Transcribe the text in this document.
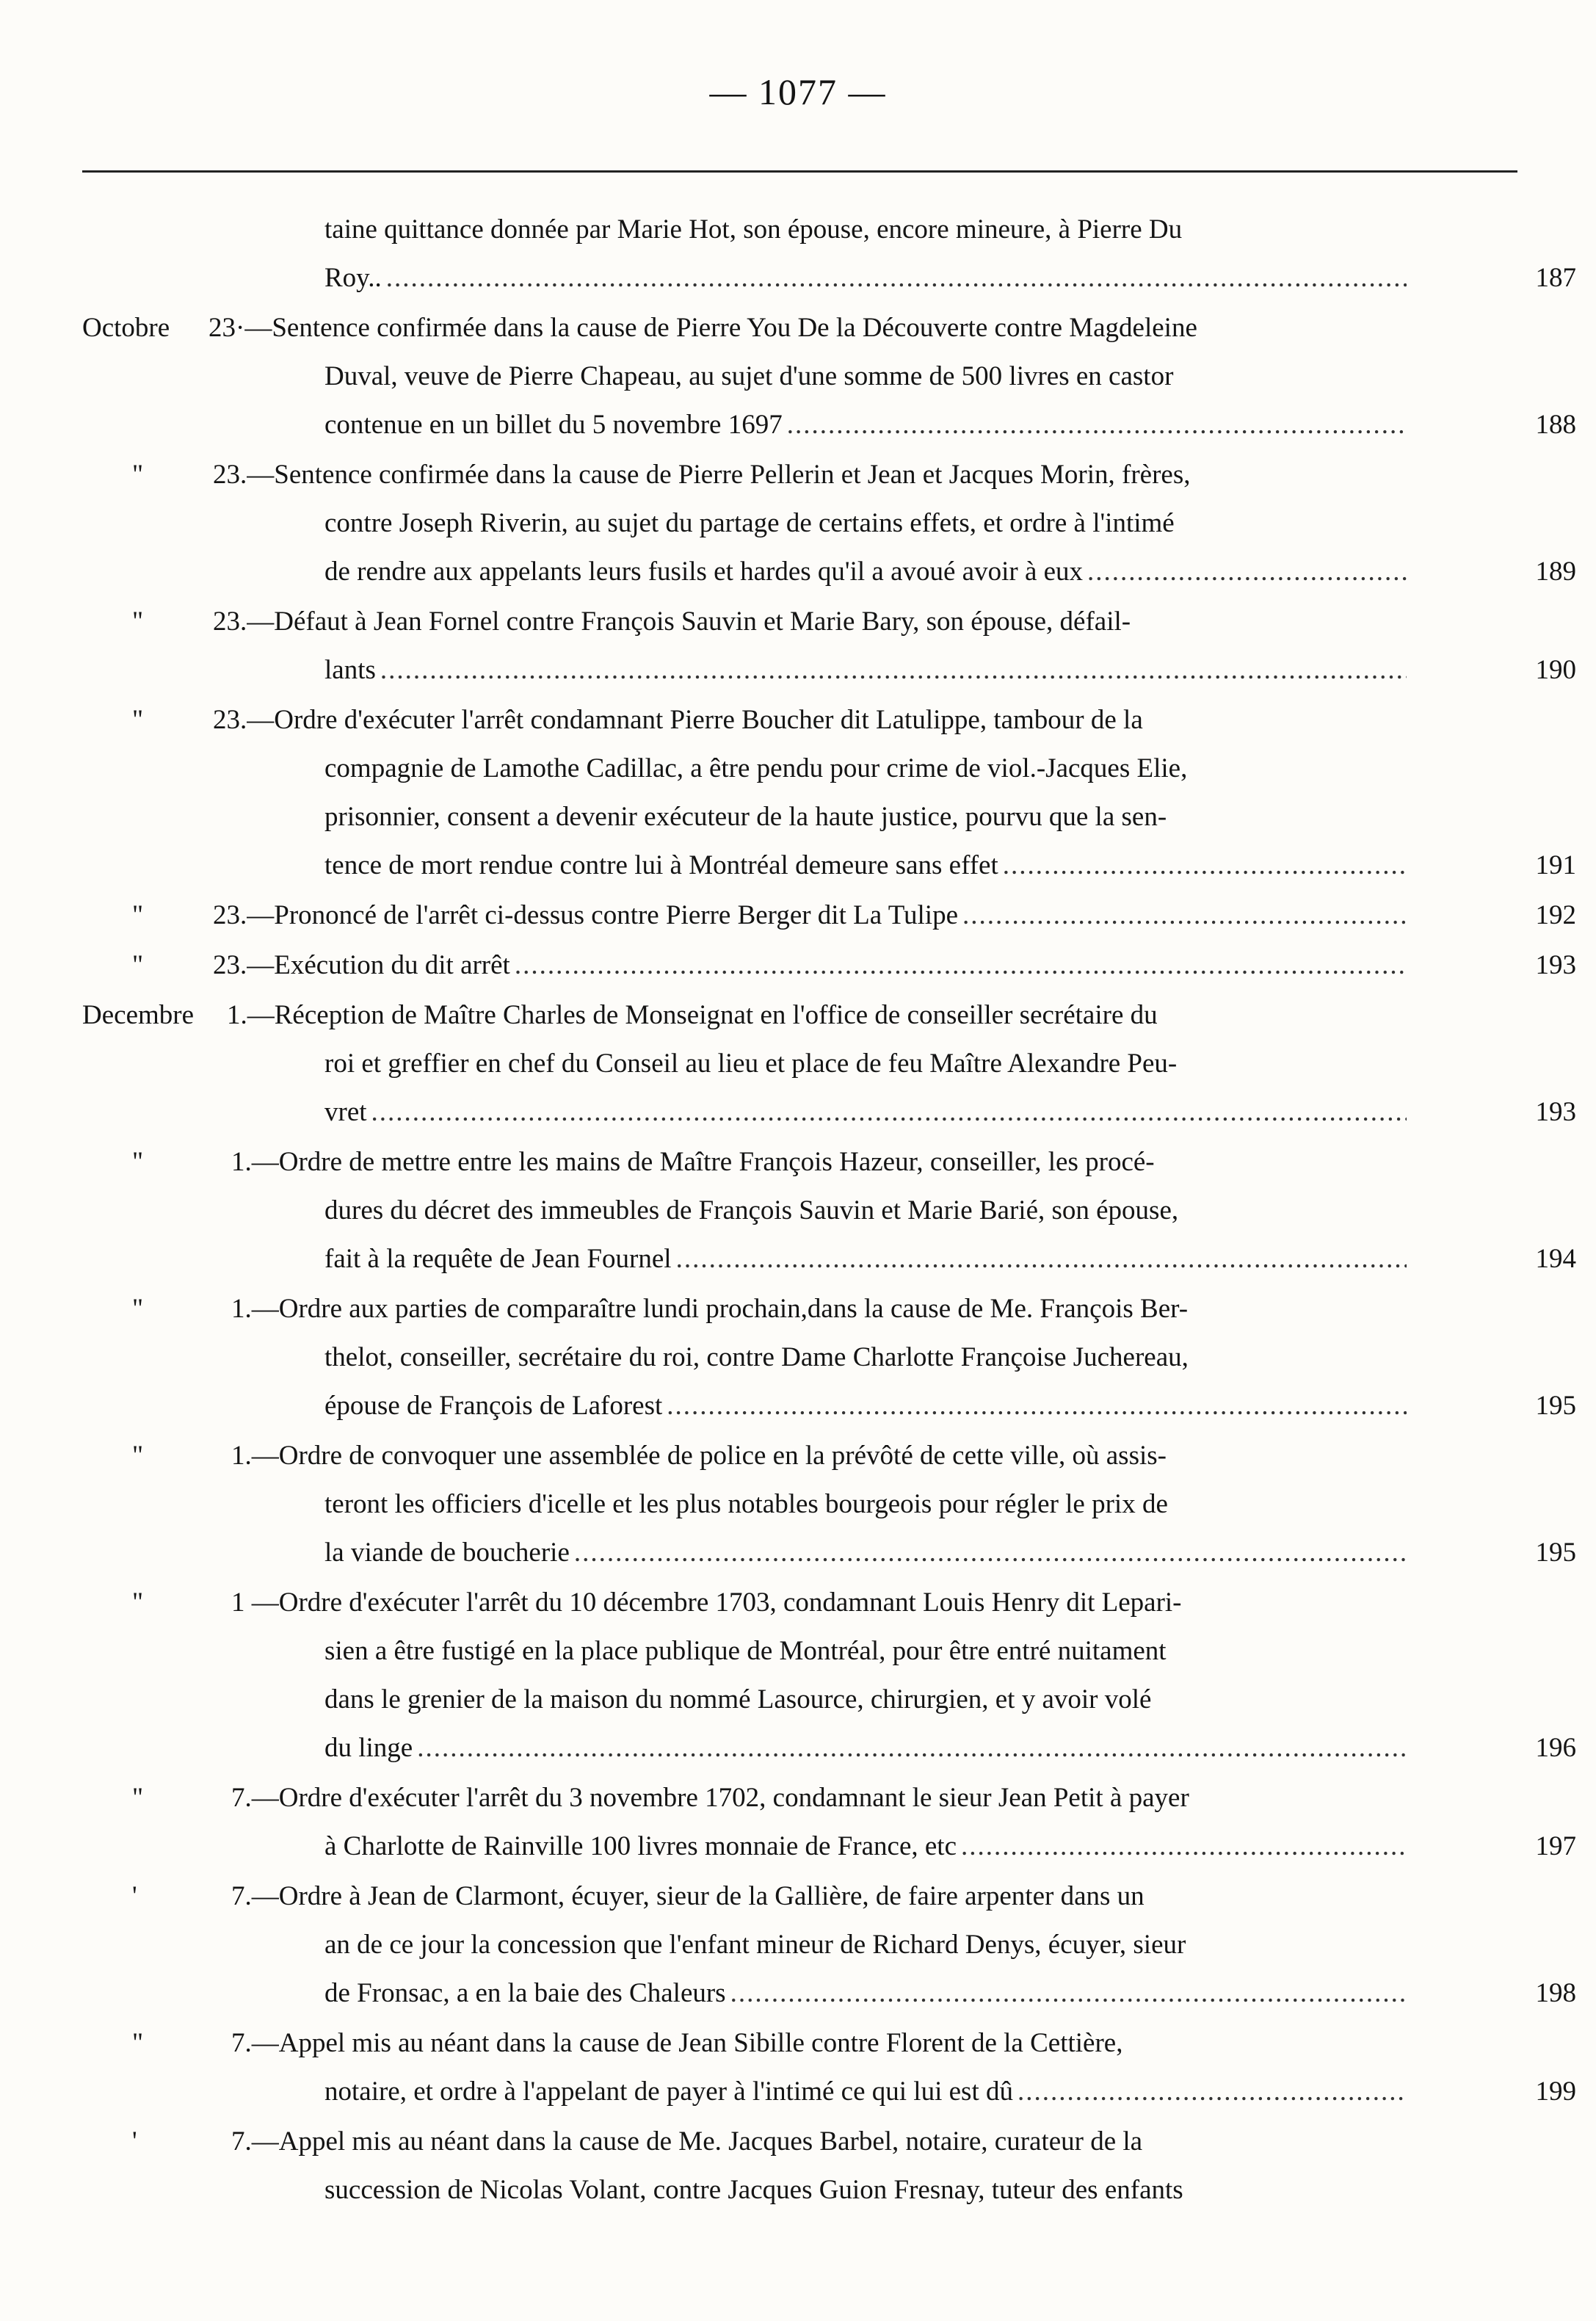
— 1077 —
taine quittance donnée par Marie Hot, son épouse, encore mineure, à Pierre Du
Roy.. .....	187
Octobre 23·—Sentence confirmée dans la cause de Pierre You De la Découverte contre Magdeleine
Duval, veuve de Pierre Chapeau, au sujet d'une somme de 500 livres en castor
contenue en un billet du 5 novembre 1697 .....	188
"	23.—Sentence confirmée dans la cause de Pierre Pellerin et Jean et Jacques Morin, frères,
contre Joseph Riverin, au sujet du partage de certains effets, et ordre à l'intimé
de rendre aux appelants leurs fusils et hardes qu'il a avoué avoir à eux .....	189
"	23.—Défaut à Jean Fornel contre François Sauvin et Marie Bary, son épouse, défail-
lants .....	190
"	23.—Ordre d'exécuter l'arrêt condamnant Pierre Boucher dit Latulippe, tambour de la
compagnie de Lamothe Cadillac, a être pendu pour crime de viol.-Jacques Elie,
prisonnier, consent a devenir exécuteur de la haute justice, pourvu que la sen-
tence de mort rendue contre lui à Montréal demeure sans effet .....	191
"	23.—Prononcé de l'arrêt ci-dessus contre Pierre Berger dit La Tulipe .....	192
"	23.—Exécution du dit arrêt .....	193
Decembre 1.—Réception de Maître Charles de Monseignat en l'office de conseiller secrétaire du
roi et greffier en chef du Conseil au lieu et place de feu Maître Alexandre Peu-
vret .....	193
"	1.—Ordre de mettre entre les mains de Maître François Hazeur, conseiller, les procé-
dures du décret des immeubles de François Sauvin et Marie Barié, son épouse,
fait à la requête de Jean Fournel .....	194
"	1.—Ordre aux parties de comparaître lundi prochain,dans la cause de Me. François Ber-
thelot, conseiller, secrétaire du roi, contre Dame Charlotte Françoise Juchereau,
épouse de François de Laforest .....	195
"	1.—Ordre de convoquer une assemblée de police en la prévôté de cette ville, où assis-
teront les officiers d'icelle et les plus notables bourgeois pour régler le prix de
la viande de boucherie .....	195
"	1 —Ordre d'exécuter l'arrêt du 10 décembre 1703, condamnant Louis Henry dit Lepari-
sien a être fustigé en la place publique de Montréal, pour être entré nuitament
dans le grenier de la maison du nommé Lasource, chirurgien, et y avoir volé
du linge .....	196
"	7.—Ordre d'exécuter l'arrêt du 3 novembre 1702, condamnant le sieur Jean Petit à payer
à Charlotte de Rainville 100 livres monnaie de France, etc .....	197
'	7.—Ordre à Jean de Clarmont, écuyer, sieur de la Gallière, de faire arpenter dans un
an de ce jour la concession que l'enfant mineur de Richard Denys, écuyer, sieur
de Fronsac, a en la baie des Chaleurs .....	198
"	7.—Appel mis au néant dans la cause de Jean Sibille contre Florent de la Cettière,
notaire, et ordre à l'appelant de payer à l'intimé ce qui lui est dû .....	199
'	7.—Appel mis au néant dans la cause de Me. Jacques Barbel, notaire, curateur de la
succession de Nicolas Volant, contre Jacques Guion Fresnay, tuteur des enfants
